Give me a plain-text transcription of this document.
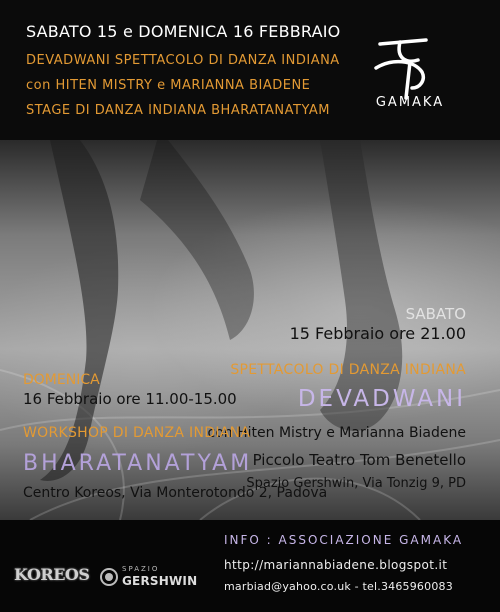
SABATO 15 e DOMENICA 16 FEBBRAIO
DEVADWANI SPETTACOLO DI DANZA INDIANA
con HITEN MISTRY e MARIANNA BIADENE
STAGE DI DANZA INDIANA BHARATANATYAM
GAMAKA
SABATO
15 Febbraio ore 21.00
SPETTACOLO DI DANZA INDIANA
DEVADWANI
con Hiten Mistry e Marianna Biadene
Piccolo Teatro Tom Benetello
Spazio Gershwin, Via Tonzig 9, PD
DOMENICA
16 Febbraio ore 11.00-15.00
WORKSHOP DI DANZA INDIANA
BHARATANATYAM
Centro Koreos, Via Monterotondo 2, Padova
KOREOS	SPAZIO
GERSHWIN
INFO : ASSOCIAZIONE GAMAKA
http://mariannabiadene.blogspot.it
marbiad@yahoo.co.uk - tel.3465960083
